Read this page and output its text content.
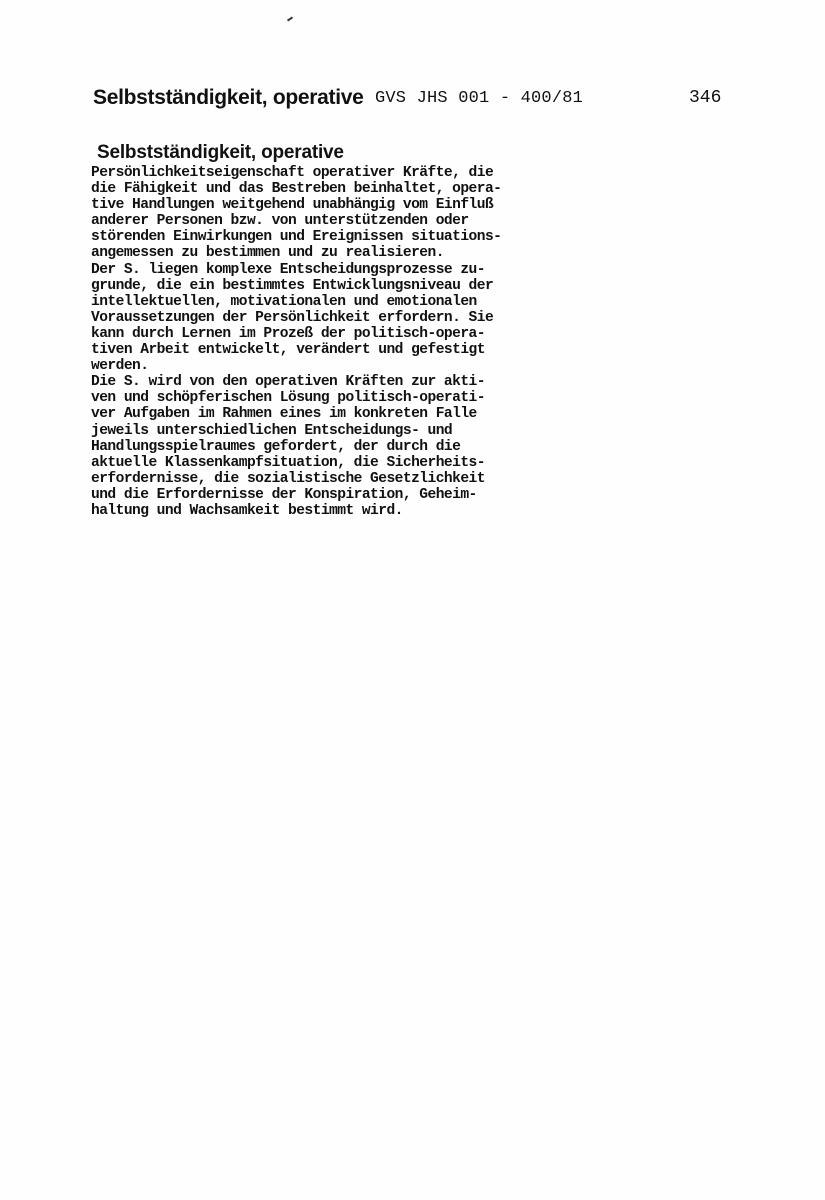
Selbstständigkeit, operative GVS JHS 001 - 400/81	346
Selbstständigkeit, operative
Persönlichkeitseigenschaft operativer Kräfte, die
die Fähigkeit und das Bestreben beinhaltet, opera-
tive Handlungen weitgehend unabhängig vom Einfluß
anderer Personen bzw. von unterstützenden oder
störenden Einwirkungen und Ereignissen situations-
angemessen zu bestimmen und zu realisieren.
Der S. liegen komplexe Entscheidungsprozesse zu-
grunde, die ein bestimmtes Entwicklungsniveau der
intellektuellen, motivationalen und emotionalen
Voraussetzungen der Persönlichkeit erfordern. Sie
kann durch Lernen im Prozeß der politisch-opera-
tiven Arbeit entwickelt, verändert und gefestigt
werden.
Die S. wird von den operativen Kräften zur akti-
ven und schöpferischen Lösung politisch-operati-
ver Aufgaben im Rahmen eines im konkreten Falle
jeweils unterschiedlichen Entscheidungs- und
Handlungsspielraumes gefordert, der durch die
aktuelle Klassenkampfsituation, die Sicherheits-
erfordernisse, die sozialistische Gesetzlichkeit
und die Erfordernisse der Konspiration, Geheim-
haltung und Wachsamkeit bestimmt wird.
